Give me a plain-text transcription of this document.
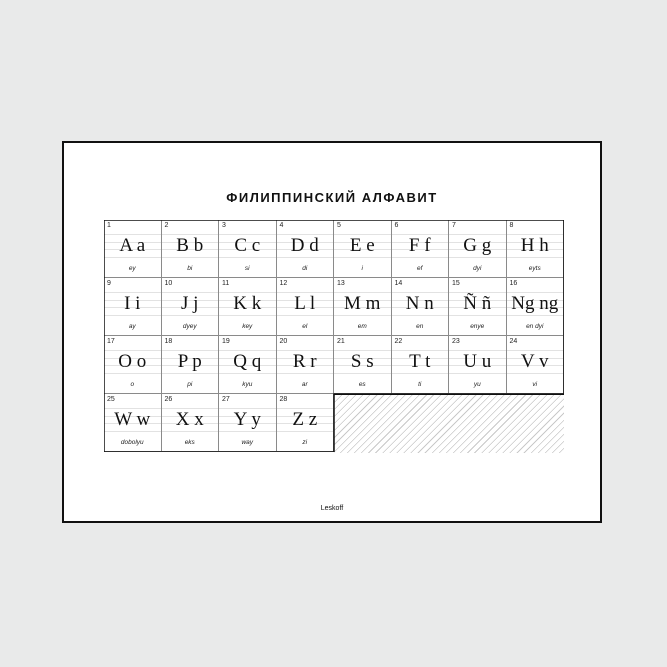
ФИЛИППИНСКИЙ АЛФАВИТ
1
A a
ey
2
B b
bi
3
C c
si
4
D d
di
5
E e
i
6
F f
ef
7
G g
dyi
8
H h
eyts
9
I i
ay
10
J j
dyey
11
K k
key
12
L l
el
13
M m
em
14
N n
en
15
Ñ ñ
enye
16
Ng ng
en dyi
17
O o
o
18
P p
pi
19
Q q
kyu
20
R r
ar
21
S s
es
22
T t
ti
23
U u
yu
24
V v
vi
25
W w
dobolyu
26
X x
eks
27
Y y
way
28
Z z
zi
Leskoff
